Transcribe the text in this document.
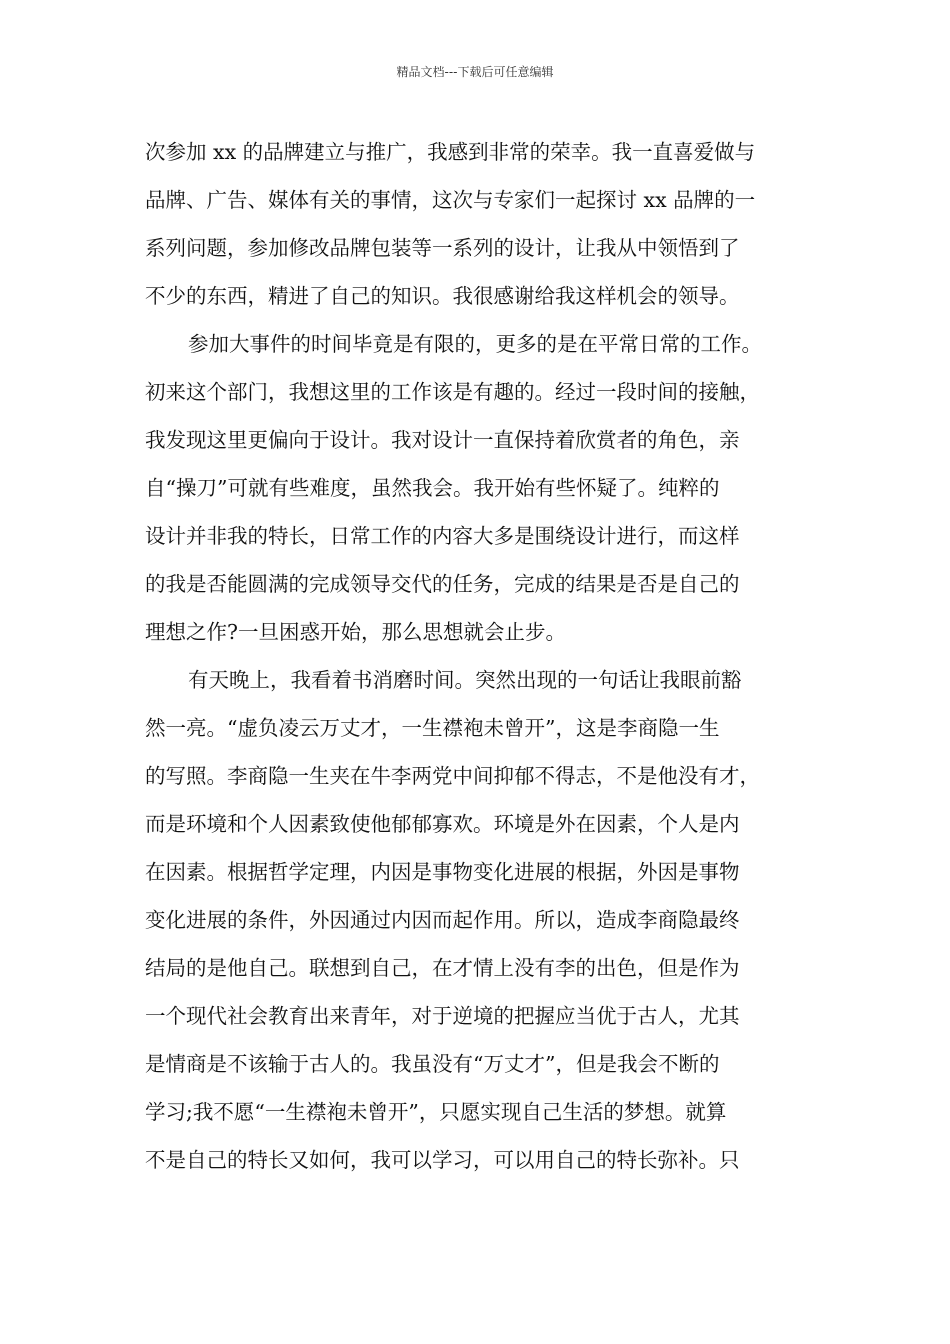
精品文档---下载后可任意编辑
次参加 xx 的品牌建立与推广，我感到非常的荣幸。我一直喜爱做与
品牌、广告、媒体有关的事情，这次与专家们一起探讨 xx 品牌的一
系列问题，参加修改品牌包装等一系列的设计，让我从中领悟到了
不少的东西，精进了自己的知识。我很感谢给我这样机会的领导。
参加大事件的时间毕竟是有限的，更多的是在平常日常的工作。
初来这个部门，我想这里的工作该是有趣的。经过一段时间的接触，
我发现这里更偏向于设计。我对设计一直保持着欣赏者的角色，亲
自“操刀”可就有些难度，虽然我会。我开始有些怀疑了。纯粹的
设计并非我的特长，日常工作的内容大多是围绕设计进行，而这样
的我是否能圆满的完成领导交代的任务，完成的结果是否是自己的
理想之作?一旦困惑开始，那么思想就会止步。
有天晚上，我看着书消磨时间。突然出现的一句话让我眼前豁
然一亮。“虚负凌云万丈才，一生襟袍未曾开”，这是李商隐一生
的写照。李商隐一生夹在牛李两党中间抑郁不得志，不是他没有才，
而是环境和个人因素致使他郁郁寡欢。环境是外在因素，个人是内
在因素。根据哲学定理，内因是事物变化进展的根据，外因是事物
变化进展的条件，外因通过内因而起作用。所以，造成李商隐最终
结局的是他自己。联想到自己，在才情上没有李的出色，但是作为
一个现代社会教育出来青年，对于逆境的把握应当优于古人，尤其
是情商是不该输于古人的。我虽没有“万丈才”，但是我会不断的
学习;我不愿“一生襟袍未曾开”，只愿实现自己生活的梦想。就算
不是自己的特长又如何，我可以学习，可以用自己的特长弥补。只
